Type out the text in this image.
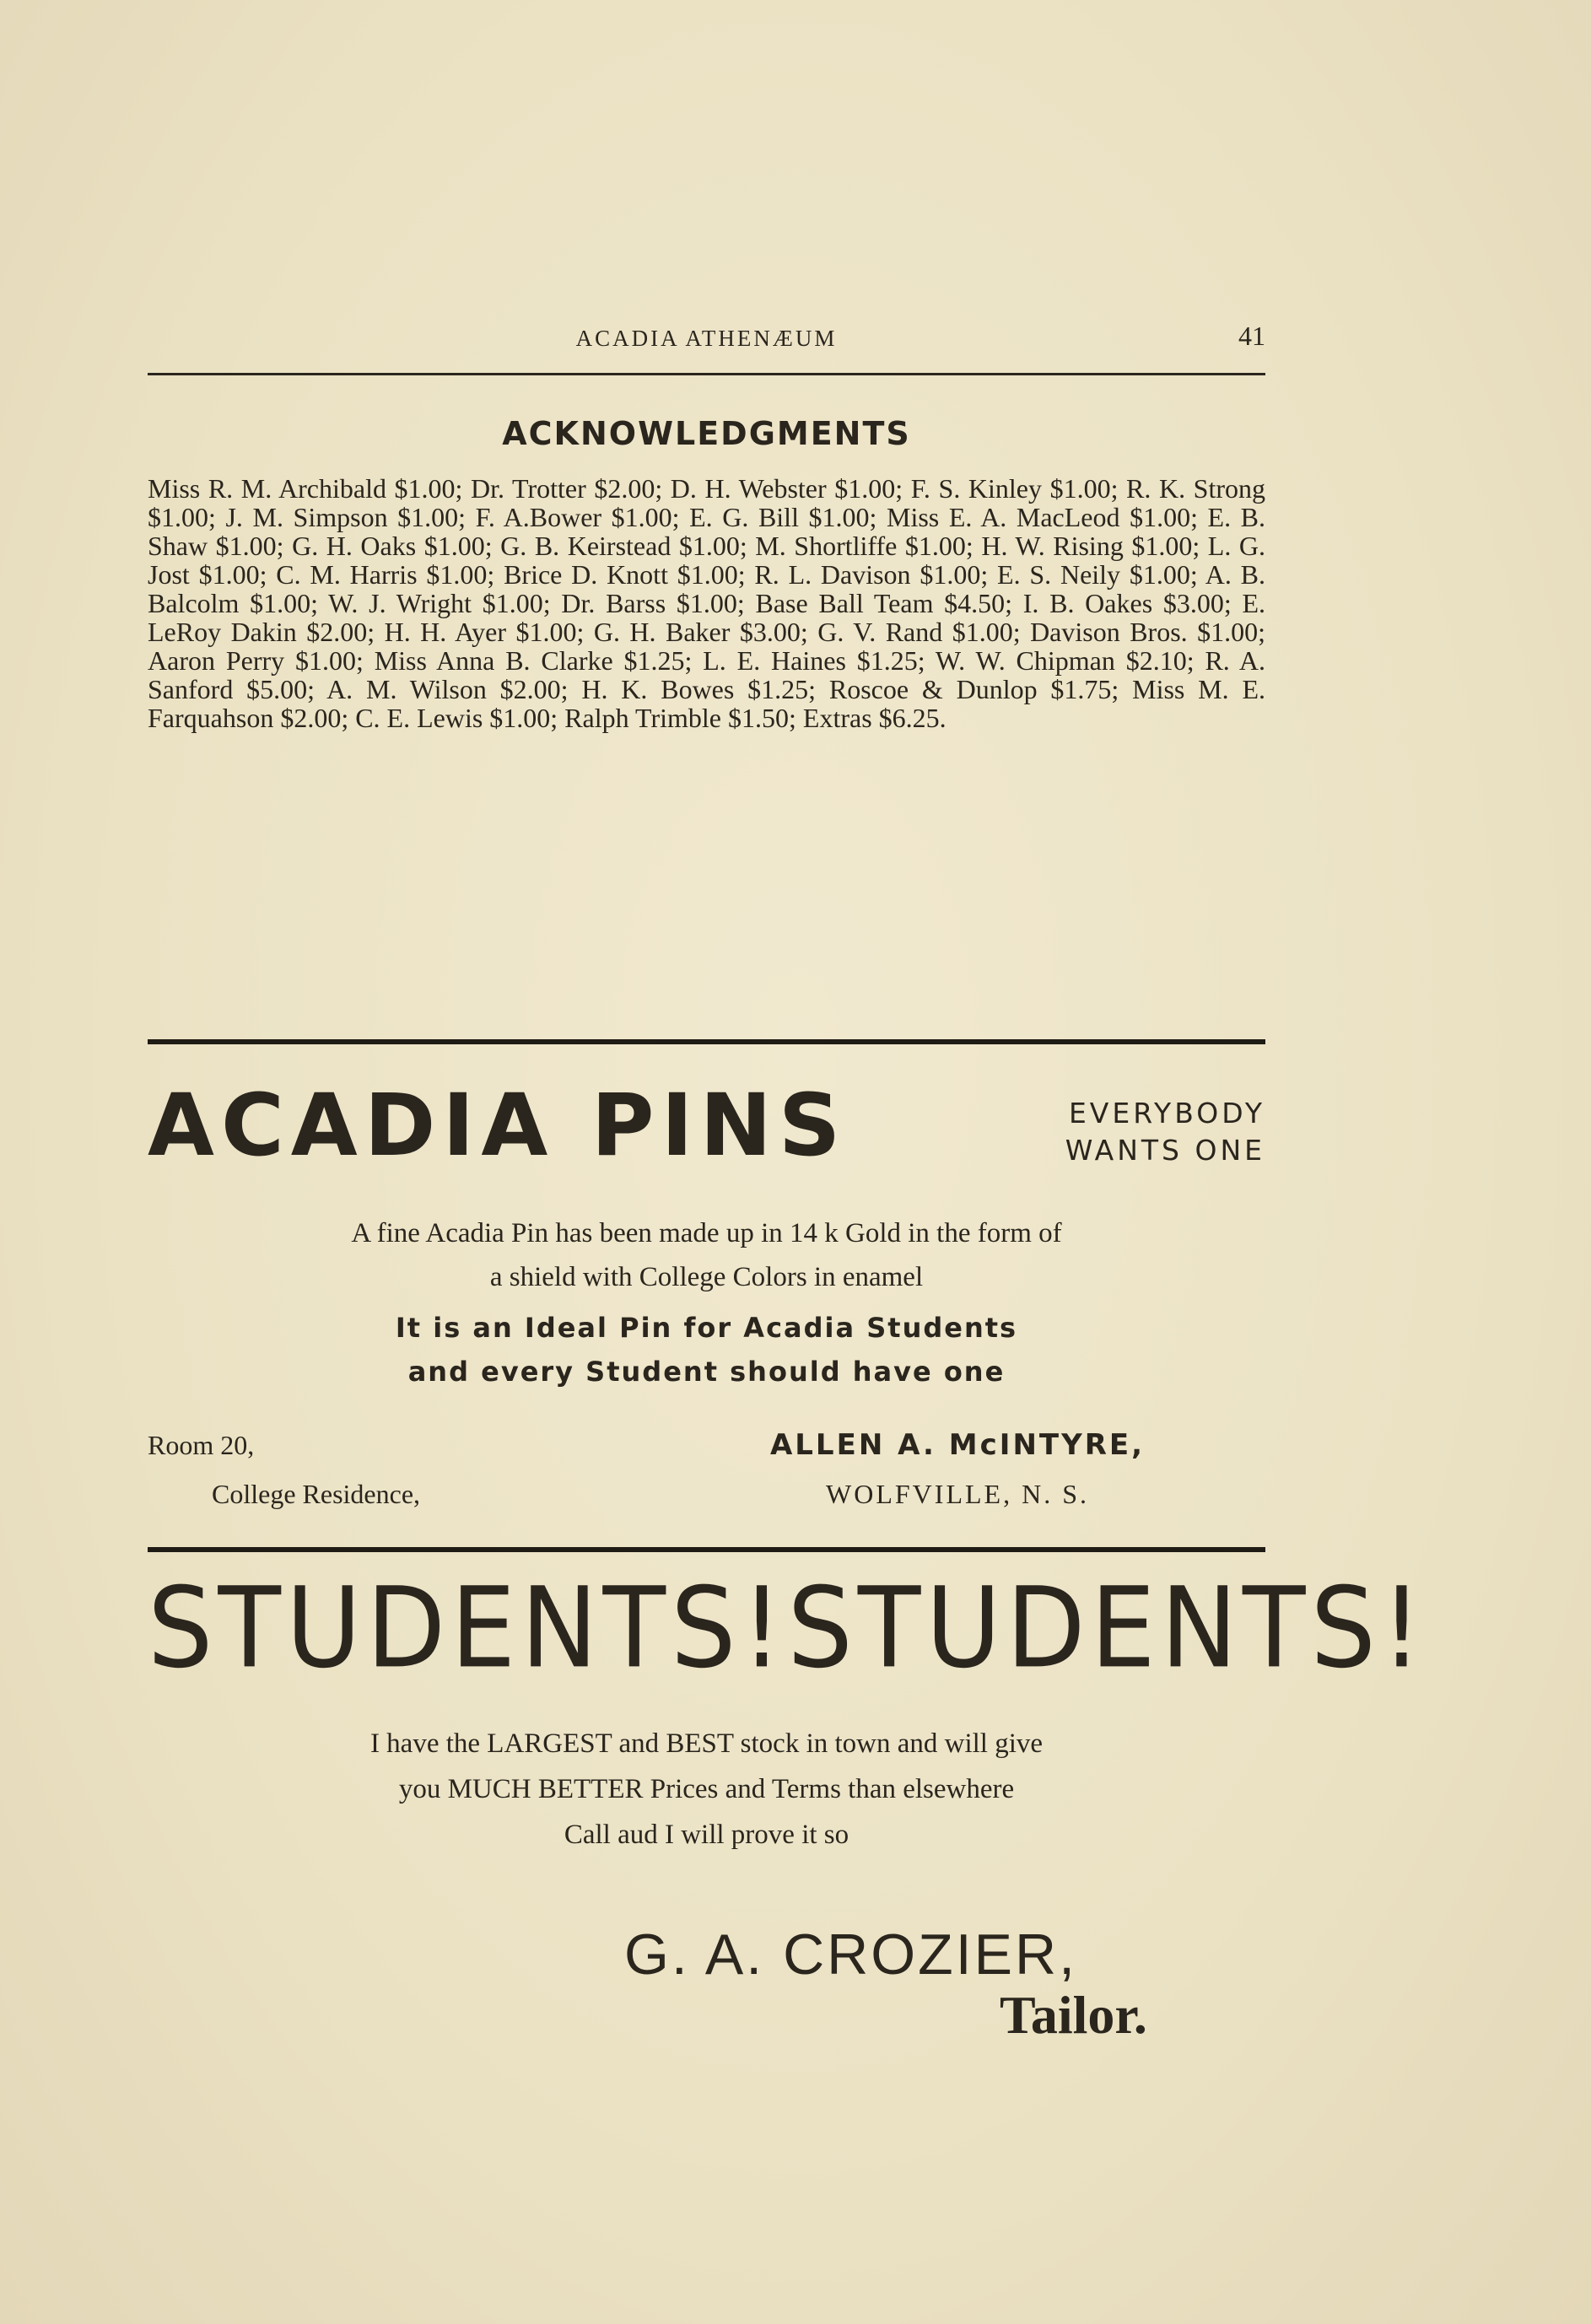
ACADIA ATHENÆUM	41
ACKNOWLEDGMENTS
Miss R. M. Archibald $1.00; Dr. Trotter $2.00; D. H. Webster $1.00; F. S. Kinley $1.00; R. K. Strong $1.00; J. M. Simpson $1.00; F. A.Bower $1.00; E. G. Bill $1.00; Miss E. A. MacLeod $1.00; E. B. Shaw $1.00; G. H. Oaks $1.00; G. B. Keirstead $1.00; M. Shortliffe $1.00; H. W. Rising $1.00; L. G. Jost $1.00; C. M. Harris $1.00; Brice D. Knott $1.00; R. L. Davison $1.00; E. S. Neily $1.00; A. B. Balcolm $1.00; W. J. Wright $1.00; Dr. Barss $1.00; Base Ball Team $4.50; I. B. Oakes $3.00; E. LeRoy Dakin $2.00; H. H. Ayer $1.00; G. H. Baker $3.00; G. V. Rand $1.00; Davison Bros. $1.00; Aaron Perry $1.00; Miss Anna B. Clarke $1.25; L. E. Haines $1.25; W. W. Chipman $2.10; R. A. Sanford $5.00; A. M. Wilson $2.00; H. K. Bowes $1.25; Roscoe & Dunlop $1.75; Miss M. E. Farquahson $2.00; C. E. Lewis $1.00; Ralph Trimble $1.50; Extras $6.25.
ACADIA PINS	EVERYBODY
WANTS ONE
A fine Acadia Pin has been made up in 14 k Gold in the form of
a shield with College Colors in enamel
It is an Ideal Pin for Acadia Students
and every Student should have one
Room 20,
College Residence,
ALLEN A. McINTYRE,
WOLFVILLE, N. S.
STUDENTS! STUDENTS!
I have the LARGEST and BEST stock in town and will give
you MUCH BETTER Prices and Terms than elsewhere
Call aud I will prove it so
G. A. CROZIER,
Tailor.
